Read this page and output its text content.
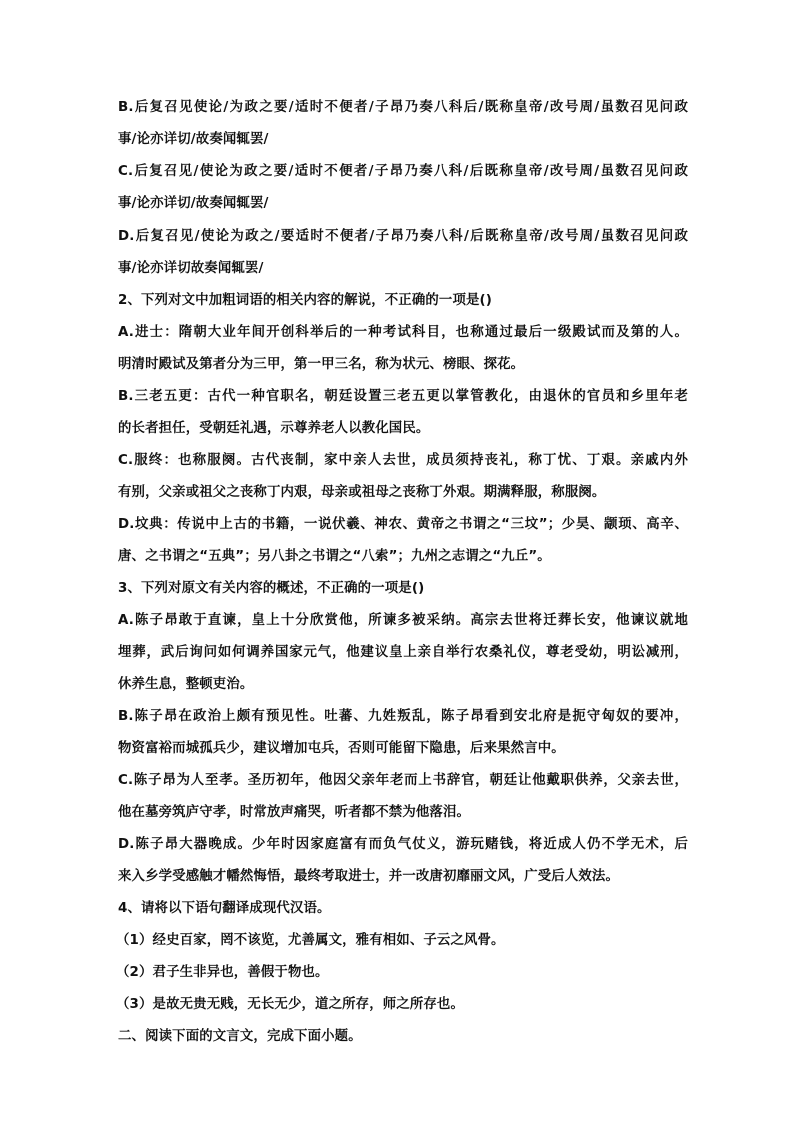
B.后复召见使论/为政之要/适时不便者/子昂乃奏八科后/既称皇帝/改号周/虽数召见问政
事/论亦详切/故奏闻辄罢/
C.后复召见/使论为政之要/适时不便者/子昂乃奏八科/后既称皇帝/改号周/虽数召见问政
事/论亦详切/故奏闻辄罢/
D.后复召见/使论为政之/要适时不便者/子昂乃奏八科/后既称皇帝/改号周/虽数召见问政
事/论亦详切故奏闻辄罢/
2、下列对文中加粗词语的相关内容的解说，不正确的一项是()
A.进士：隋朝大业年间开创科举后的一种考试科目，也称通过最后一级殿试而及第的人。
明清时殿试及第者分为三甲，第一甲三名，称为状元、榜眼、探花。
B.三老五更：古代一种官职名，朝廷设置三老五更以掌管教化，由退休的官员和乡里年老
的长者担任，受朝廷礼遇，示尊养老人以教化国民。
C.服终：也称服阕。古代丧制，家中亲人去世，成员须持丧礼，称丁忧、丁艰。亲戚内外
有别，父亲或祖父之丧称丁内艰，母亲或祖母之丧称丁外艰。期满释服，称服阕。
D.坟典：传说中上古的书籍，一说伏羲、神农、黄帝之书谓之“三坟”；少昊、颛顼、高辛、
唐、之书谓之“五典”；另八卦之书谓之“八索”；九州之志谓之“九丘”。
3、下列对原文有关内容的概述，不正确的一项是()
A.陈子昂敢于直谏，皇上十分欣赏他，所谏多被采纳。高宗去世将迁葬长安，他谏议就地
埋葬，武后询问如何调养国家元气，他建议皇上亲自举行农桑礼仪，尊老受幼，明讼减刑，
休养生息，整顿吏治。
B.陈子昂在政治上颇有预见性。吐蕃、九姓叛乱，陈子昂看到安北府是扼守匈奴的要冲，
物资富裕而城孤兵少，建议增加屯兵，否则可能留下隐患，后来果然言中。
C.陈子昂为人至孝。圣历初年，他因父亲年老而上书辞官，朝廷让他戴职供养，父亲去世，
他在墓旁筑庐守孝，时常放声痛哭，听者都不禁为他落泪。
D.陈子昂大器晚成。少年时因家庭富有而负气仗义，游玩赌钱，将近成人仍不学无术，后
来入乡学受感触才幡然悔悟，最终考取进士，并一改唐初靡丽文风，广受后人效法。
4、请将以下语句翻译成现代汉语。
（1）经史百家，罔不该览，尤善属文，雅有相如、子云之风骨。
（2）君子生非异也，善假于物也。
（3）是故无贵无贱，无长无少，道之所存，师之所存也。
二、阅读下面的文言文，完成下面小题。
